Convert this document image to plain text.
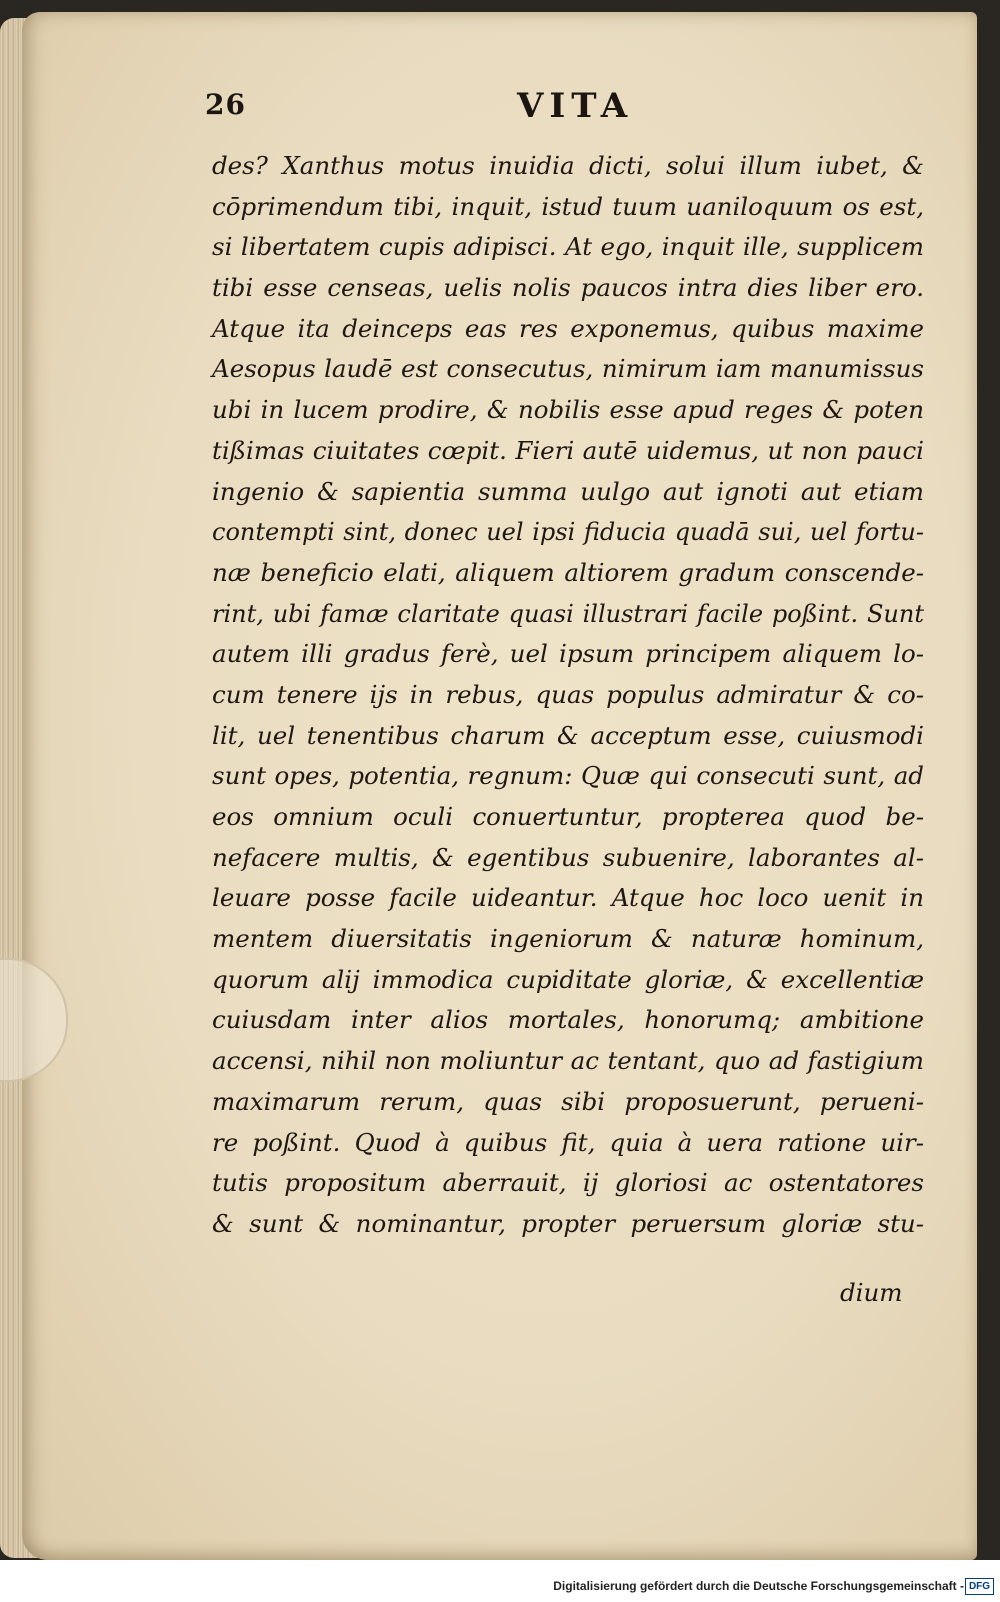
26	VITA
des? Xanthus motus inuidia dicti, solui illum iubet, &
cōprimendum tibi, inquit, istud tuum uaniloquum os est,
si libertatem cupis adipisci. At ego, inquit ille, supplicem
tibi esse censeas, uelis nolis paucos intra dies liber ero.
Atque ita deinceps eas res exponemus, quibus maxime
Aesopus laudē est consecutus, nimirum iam manumissus
ubi in lucem prodire, & nobilis esse apud reges & poten
tißimas ciuitates cœpit. Fieri autē uidemus, ut non pauci
ingenio & sapientia summa uulgo aut ignoti aut etiam
contempti sint, donec uel ipsi fiducia quadā sui, uel fortu-
næ beneficio elati, aliquem altiorem gradum conscende-
rint, ubi famæ claritate quasi illustrari facile poßint. Sunt
autem illi gradus ferè, uel ipsum principem aliquem lo-
cum tenere ijs in rebus, quas populus admiratur & co-
lit, uel tenentibus charum & acceptum esse, cuiusmodi
sunt opes, potentia, regnum: Quæ qui consecuti sunt, ad
eos omnium oculi conuertuntur, propterea quod be-
nefacere multis, & egentibus subuenire, laborantes al-
leuare posse facile uideantur. Atque hoc loco uenit in
mentem diuersitatis ingeniorum & naturæ hominum,
quorum alij immodica cupiditate gloriæ, & excellentiæ
cuiusdam inter alios mortales, honorumq; ambitione
accensi, nihil non moliuntur ac tentant, quo ad fastigium
maximarum rerum, quas sibi proposuerunt, perueni-
re poßint. Quod à quibus fit, quia à uera ratione uir-
tutis propositum aberrauit, ij gloriosi ac ostentatores
& sunt & nominantur, propter peruersum gloriæ stu-
dium
Digitalisierung gefördert durch die Deutsche Forschungsgemeinschaft - DFG
